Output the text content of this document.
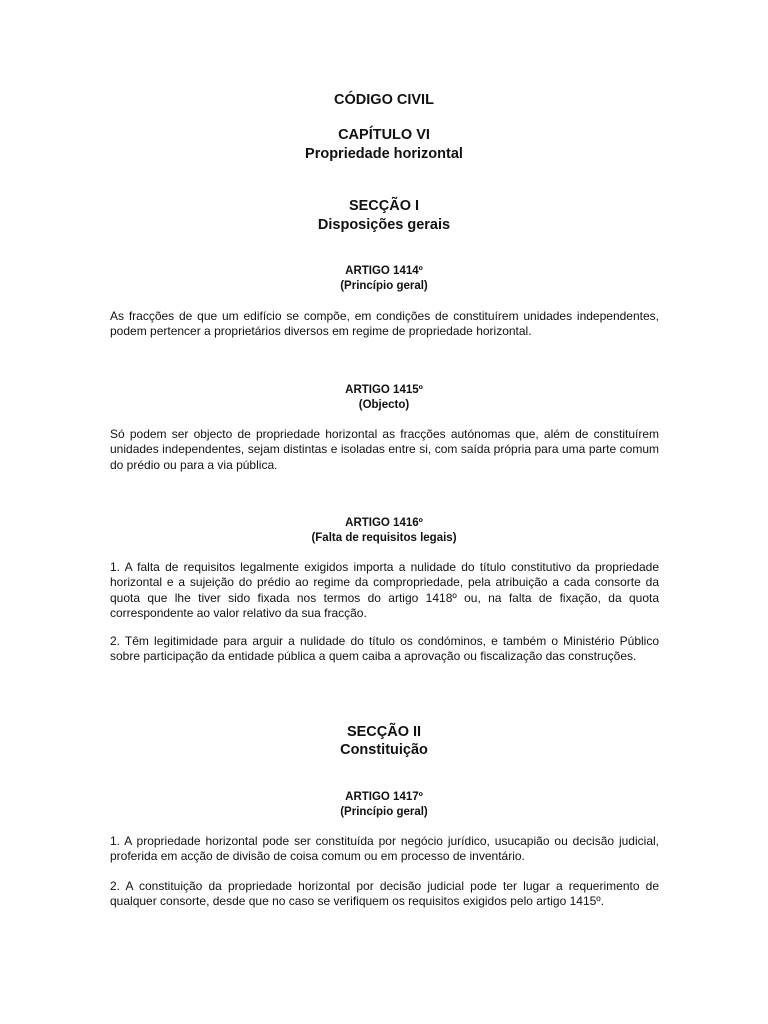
CÓDIGO CIVIL
CAPÍTULO VI
Propriedade horizontal
SECÇÃO I
Disposições gerais
ARTIGO 1414º
(Princípio geral)
As fracções de que um edifício se compõe, em condições de constituírem unidades independentes, podem pertencer a proprietários diversos em regime de propriedade horizontal.
ARTIGO 1415º
(Objecto)
Só podem ser objecto de propriedade horizontal as fracções autónomas que, além de constituírem unidades independentes, sejam distintas e isoladas entre si, com saída própria para uma parte comum do prédio ou para a via pública.
ARTIGO 1416º
(Falta de requisitos legais)
1. A falta de requisitos legalmente exigidos importa a nulidade do título constitutivo da propriedade horizontal e a sujeição do prédio ao regime da compropriedade, pela atribuição a cada consorte da quota que lhe tiver sido fixada nos termos do artigo 1418º ou, na falta de fixação, da quota correspondente ao valor relativo da sua fracção.
2. Têm legitimidade para arguir a nulidade do título os condóminos, e também o Ministério Público sobre participação da entidade pública a quem caiba a aprovação ou fiscalização das construções.
SECÇÃO II
Constituição
ARTIGO 1417º
(Princípio geral)
1. A propriedade horizontal pode ser constituída por negócio jurídico, usucapião ou decisão judicial, proferida em acção de divisão de coisa comum ou em processo de inventário.
2. A constituição da propriedade horizontal por decisão judicial pode ter lugar a requerimento de qualquer consorte, desde que no caso se verifiquem os requisitos exigidos pelo artigo 1415º.
